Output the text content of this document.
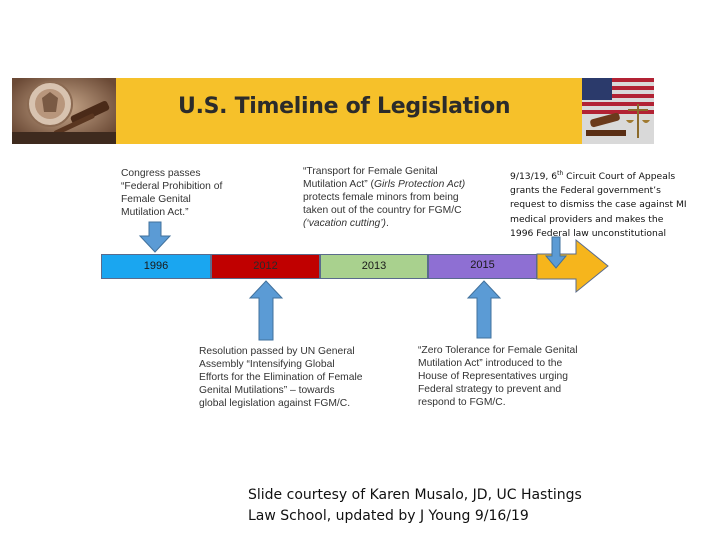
U.S. Timeline of Legislation
1996	2012	2013	2015
Congress passes
“Federal Prohibition of
Female Genital
Mutilation Act.”
“Transport for Female Genital
Mutilation Act” (Girls Protection Act)
protects female minors from being
taken out of the country for FGM/C
(‘vacation cutting’).
9/13/19, 6th Circuit Court of Appeals
grants the Federal government’s
request to dismiss the case against MI
medical providers and makes the
1996 Federal law unconstitutional
Resolution passed by UN General
Assembly “Intensifying Global
Efforts for the Elimination of Female
Genital Mutilations” – towards
global legislation against FGM/C.
“Zero Tolerance for Female Genital
Mutilation Act” introduced to the
House of Representatives urging
Federal strategy to prevent and
respond to FGM/C.
Slide courtesy of Karen Musalo, JD, UC Hastings
Law School, updated by J Young 9/16/19
